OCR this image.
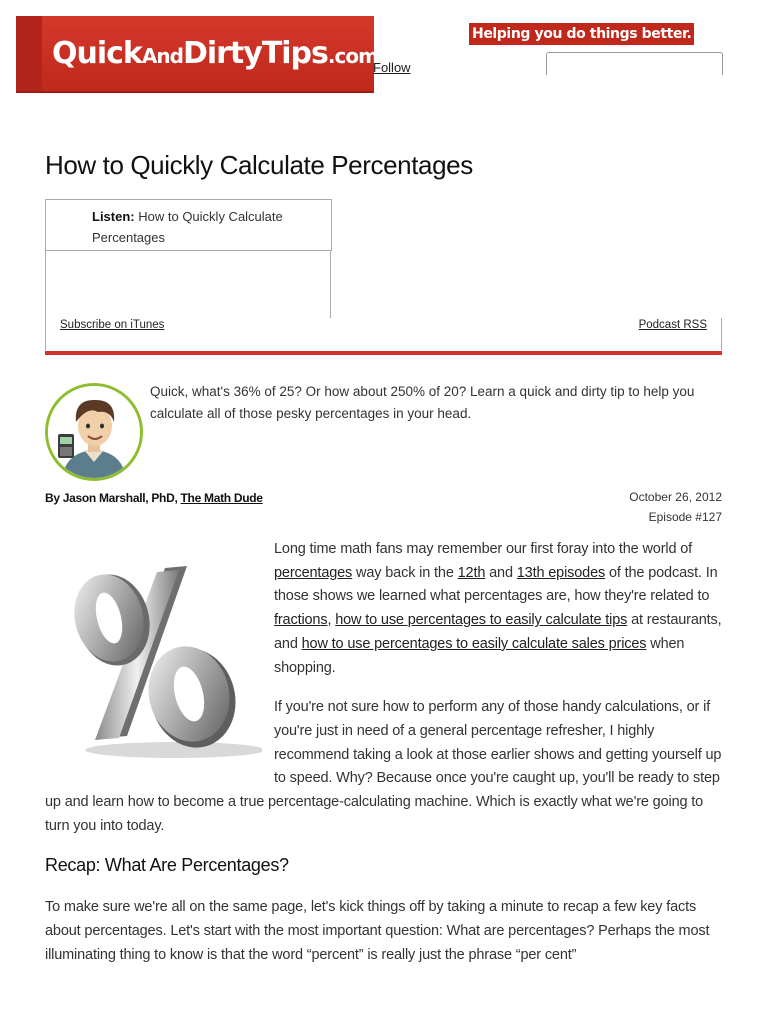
QuickAndDirtyTips.com™
Follow
Helping you do things better.
How to Quickly Calculate Percentages
Listen: How to Quickly Calculate Percentages
Subscribe on iTunes	Podcast RSS

Quick, what's 36% of 25? Or how about 250% of 20? Learn a quick and dirty tip to help you calculate all of those pesky percentages in your head.

By Jason Marshall, PhD, The Math Dude	October 26, 2012
Episode #127

Long time math fans may remember our first foray into the world of percentages way back in the 12th and 13th episodes of the podcast. In those shows we learned what percentages are, how they're related to fractions, how to use percentages to easily calculate tips at restaurants, and how to use percentages to easily calculate sales prices when shopping.

If you're not sure how to perform any of those handy calculations, or if you're just in need of a general percentage refresher, I highly recommend taking a look at those earlier shows and getting yourself up to speed. Why? Because once you're caught up, you'll be ready to step up and learn how to become a true percentage-calculating machine. Which is exactly what we're going to turn you into today.

Recap: What Are Percentages?

To make sure we're all on the same page, let's kick things off by taking a minute to recap a few key facts about percentages. Let's start with the most important question: What are percentages? Perhaps the most illuminating thing to know is that the word “percent” is really just the phrase “per cent”
